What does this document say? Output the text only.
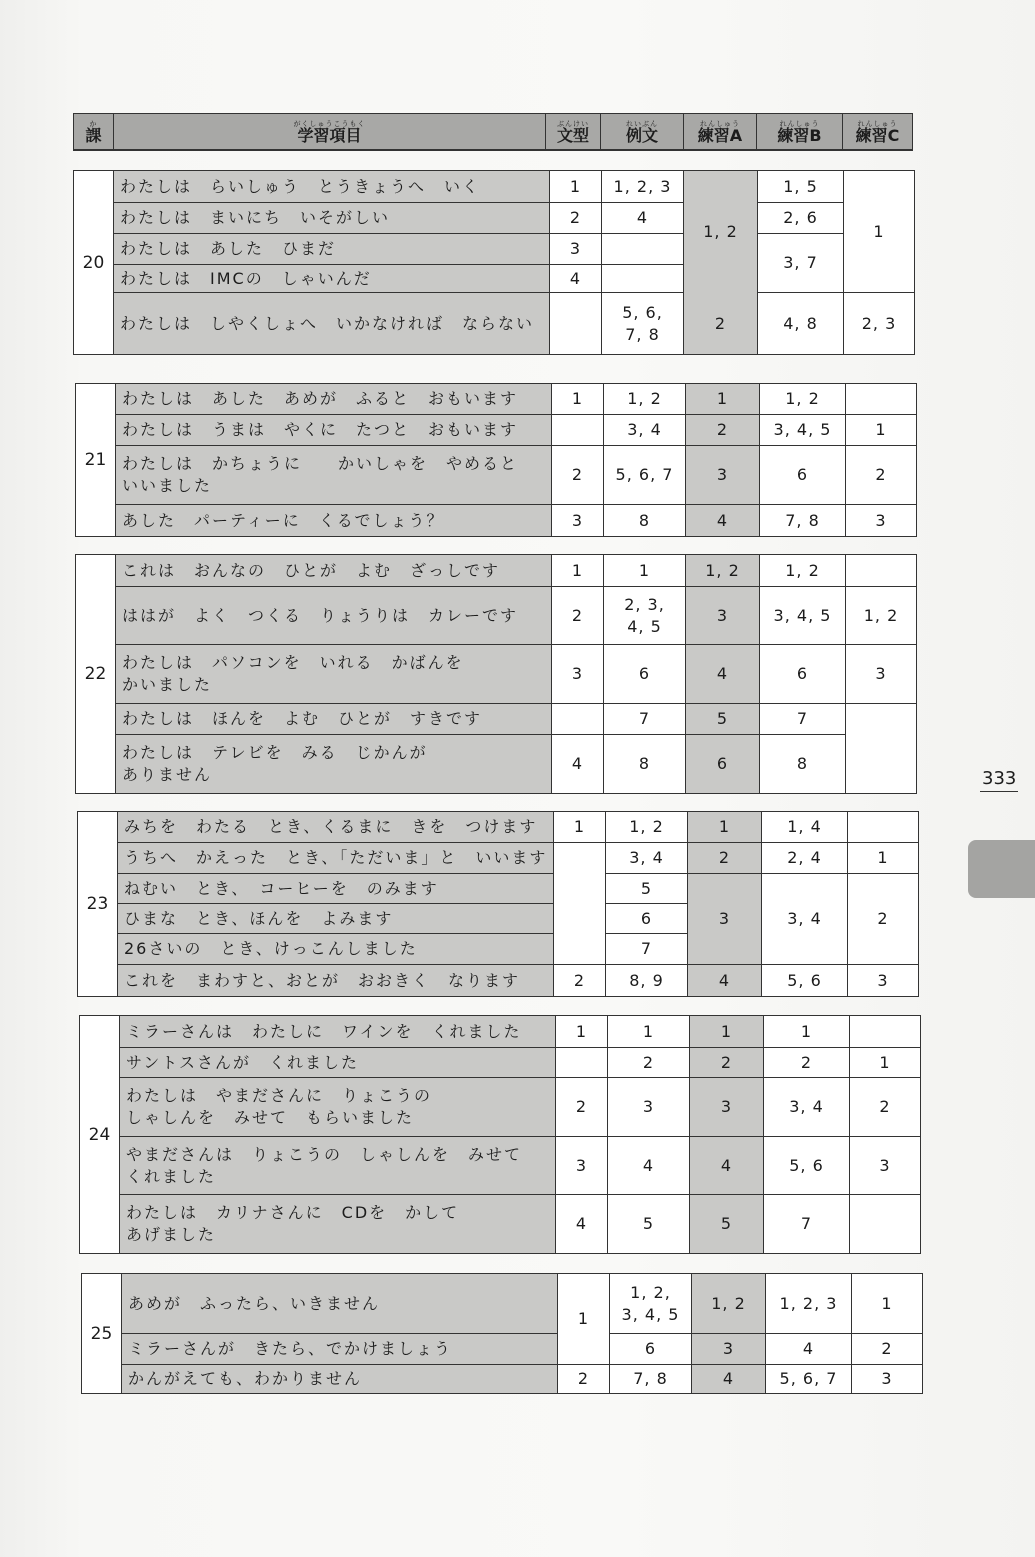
か
課
がくしゅうこうもく
学習項目
ぶんけい
文型
れいぶん
例文
れんしゅう
練習A
れんしゅう
練習B
れんしゅう
練習C
20
わたしは　らいしゅう　とうきょうへ　いく
わたしは　まいにち　いそがしい
わたしは　あした　ひまだ
わたしは　IMCの　しゃいんだ
わたしは　しやくしょへ　いかなければ　ならない
1
2
3
4
1, 2, 3
4
5, 6,
7, 8
1, 2
2
1, 5
2, 6
3, 7
4, 8
1
2, 3
21
わたしは　あした　あめが　ふると　おもいます
わたしは　うまは　やくに　たつと　おもいます
わたしは　かちょうに　　かいしゃを　やめると
いいました
あした　パーティーに　くるでしょう？
1
2
3
1, 2
3, 4
5, 6, 7
8
1
2
3
4
1, 2
3, 4, 5
6
7, 8
1
2
3
22
これは　おんなの　ひとが　よむ　ざっしです
ははが　よく　つくる　りょうりは　カレーです
わたしは　パソコンを　いれる　かばんを
かいました
わたしは　ほんを　よむ　ひとが　すきです
わたしは　テレビを　みる　じかんが
ありません
1
2
3
4
1
2, 3,
4, 5
6
7
8
1, 2
3
4
5
6
1, 2
3, 4, 5
6
7
8
1, 2
3
23
みちを　わたる　とき、くるまに　きを　つけます
うちへ　かえった　とき、「ただいま」と　いいます
ねむい　とき、　コーヒーを　のみます
ひまな　とき、ほんを　よみます
26さいの　とき、けっこんしました
これを　まわすと、おとが　おおきく　なります
1
2
1, 2
3, 4
5
6
7
8, 9
1
2
3
4
1, 4
2, 4
3, 4
5, 6
1
2
3
24
ミラーさんは　わたしに　ワインを　くれました
サントスさんが　くれました
わたしは　やまださんに　りょこうの
しゃしんを　みせて　もらいました
やまださんは　りょこうの　しゃしんを　みせて
くれました
わたしは　カリナさんに　CDを　かして
あげました
1
2
3
4
1
2
3
4
5
1
2
3
4
5
1
2
3, 4
5, 6
7
1
2
3
25
あめが　ふったら、いきません
ミラーさんが　きたら、でかけましょう
かんがえても、わかりません
1
2
1, 2,
3, 4, 5
6
7, 8
1, 2
3
4
1, 2, 3
4
5, 6, 7
1
2
3
333
